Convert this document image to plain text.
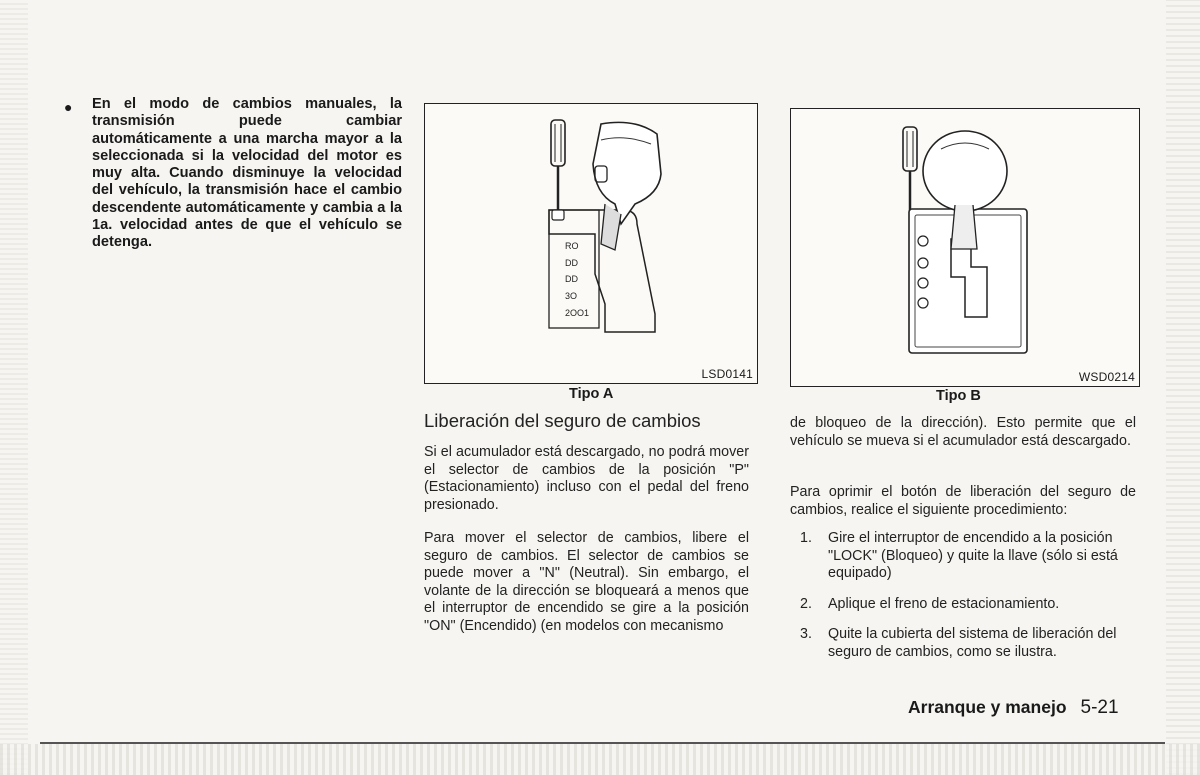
● En el modo de cambios manuales, la transmisión puede cambiar automáticamente a una marcha mayor a la seleccionada si la velocidad del motor es muy alta. Cuando disminuye la velocidad del vehículo, la transmisión hace el cambio descendente automáticamente y cambia a la 1a. velocidad antes de que el vehículo se detenga.	RO
DD
DD
3O
2OO1
LSD0141
Tipo A
WSD0214
Tipo B
Liberación del seguro de cambios
Si el acumulador está descargado, no podrá mover el selector de cambios de la posición "P" (Estacionamiento) incluso con el pedal del freno presionado.
Para mover el selector de cambios, libere el seguro de cambios. El selector de cambios se puede mover a "N" (Neutral). Sin embargo, el volante de la dirección se bloqueará a menos que el interruptor de encendido se gire a la posición "ON" (Encendido) (en modelos con mecanismo
de bloqueo de la dirección). Esto permite que el vehículo se mueva si el acumulador está descargado.
Para oprimir el botón de liberación del seguro de cambios, realice el siguiente procedimiento:
1. Gire el interruptor de encendido a la posición "LOCK" (Bloqueo) y quite la llave (sólo si está equipado)
2. Aplique el freno de estacionamiento.
3. Quite la cubierta del sistema de liberación del seguro de cambios, como se ilustra.
Arranque y manejo 5-21
